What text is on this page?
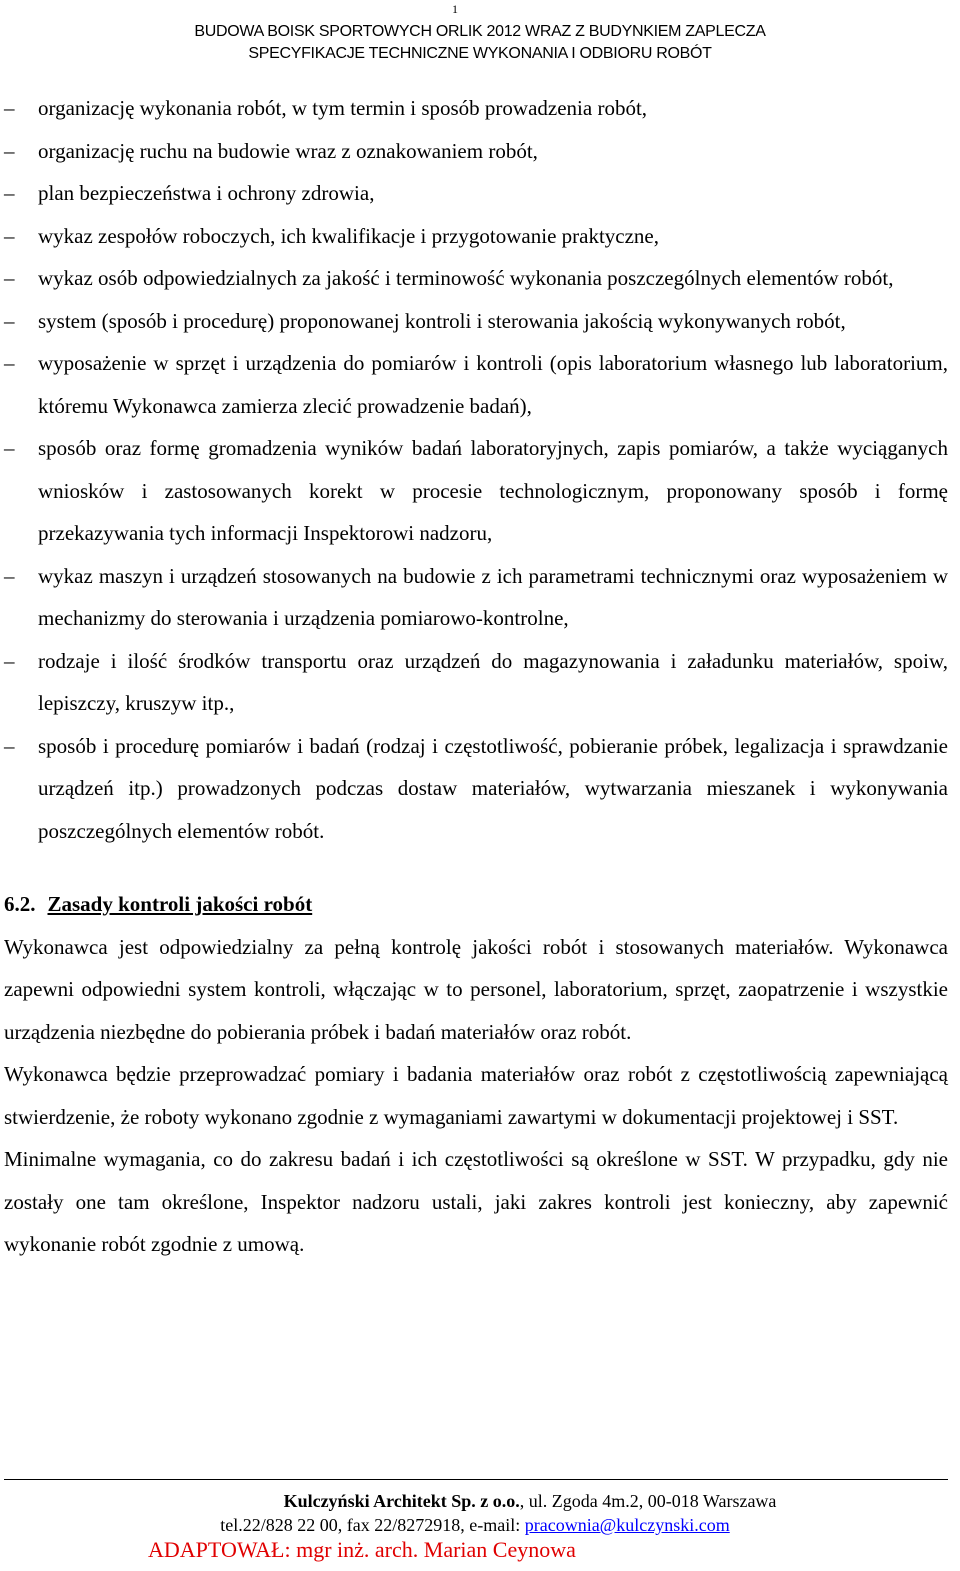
1
BUDOWA BOISK SPORTOWYCH ORLIK 2012 WRAZ Z BUDYNKIEM ZAPLECZA
SPECYFIKACJE TECHNICZNE WYKONANIA I ODBIORU ROBÓT
– organizację wykonania robót, w tym termin i sposób prowadzenia robót,
– organizację ruchu na budowie wraz z oznakowaniem robót,
– plan bezpieczeństwa i ochrony zdrowia,
– wykaz zespołów roboczych, ich kwalifikacje i przygotowanie praktyczne,
– wykaz osób odpowiedzialnych za jakość i terminowość wykonania poszczególnych elementów robót,
– system (sposób i procedurę) proponowanej kontroli i sterowania jakością wykonywanych robót,
– wyposażenie w sprzęt i urządzenia do pomiarów i kontroli (opis laboratorium własnego lub laboratorium, któremu Wykonawca zamierza zlecić prowadzenie badań),
– sposób oraz formę gromadzenia wyników badań laboratoryjnych, zapis pomiarów, a także wyciąganych wniosków i zastosowanych korekt w procesie technologicznym, proponowany sposób i formę przekazywania tych informacji Inspektorowi nadzoru,
– wykaz maszyn i urządzeń stosowanych na budowie z ich parametrami technicznymi oraz wyposażeniem w mechanizmy do sterowania i urządzenia pomiarowo-kontrolne,
– rodzaje i ilość środków transportu oraz urządzeń do magazynowania i załadunku materiałów, spoiw, lepiszczy, kruszyw itp.,
– sposób i procedurę pomiarów i badań (rodzaj i częstotliwość, pobieranie próbek, legalizacja i sprawdzanie urządzeń itp.) prowadzonych podczas dostaw materiałów, wytwarzania mieszanek i wykonywania poszczególnych elementów robót.
6.2. Zasady kontroli jakości robót

Wykonawca jest odpowiedzialny za pełną kontrolę jakości robót i stosowanych materiałów. Wykonawca zapewni odpowiedni system kontroli, włączając w to personel, laboratorium, sprzęt, zaopatrzenie i wszystkie urządzenia niezbędne do pobierania próbek i badań materiałów oraz robót.

Wykonawca będzie przeprowadzać pomiary i badania materiałów oraz robót z częstotliwością zapewniającą stwierdzenie, że roboty wykonano zgodnie z wymaganiami zawartymi w dokumentacji projektowej i SST.

Minimalne wymagania, co do zakresu badań i ich częstotliwości są określone w SST. W przypadku, gdy nie zostały one tam określone, Inspektor nadzoru ustali, jaki zakres kontroli jest konieczny, aby zapewnić wykonanie robót zgodnie z umową.

Kulczyński Architekt Sp. z o.o., ul. Zgoda 4m.2, 00-018 Warszawa
tel.22/828 22 00, fax 22/8272918, e-mail: pracownia@kulczynski.com
ADAPTOWAŁ: mgr inż. arch. Marian Ceynowa
